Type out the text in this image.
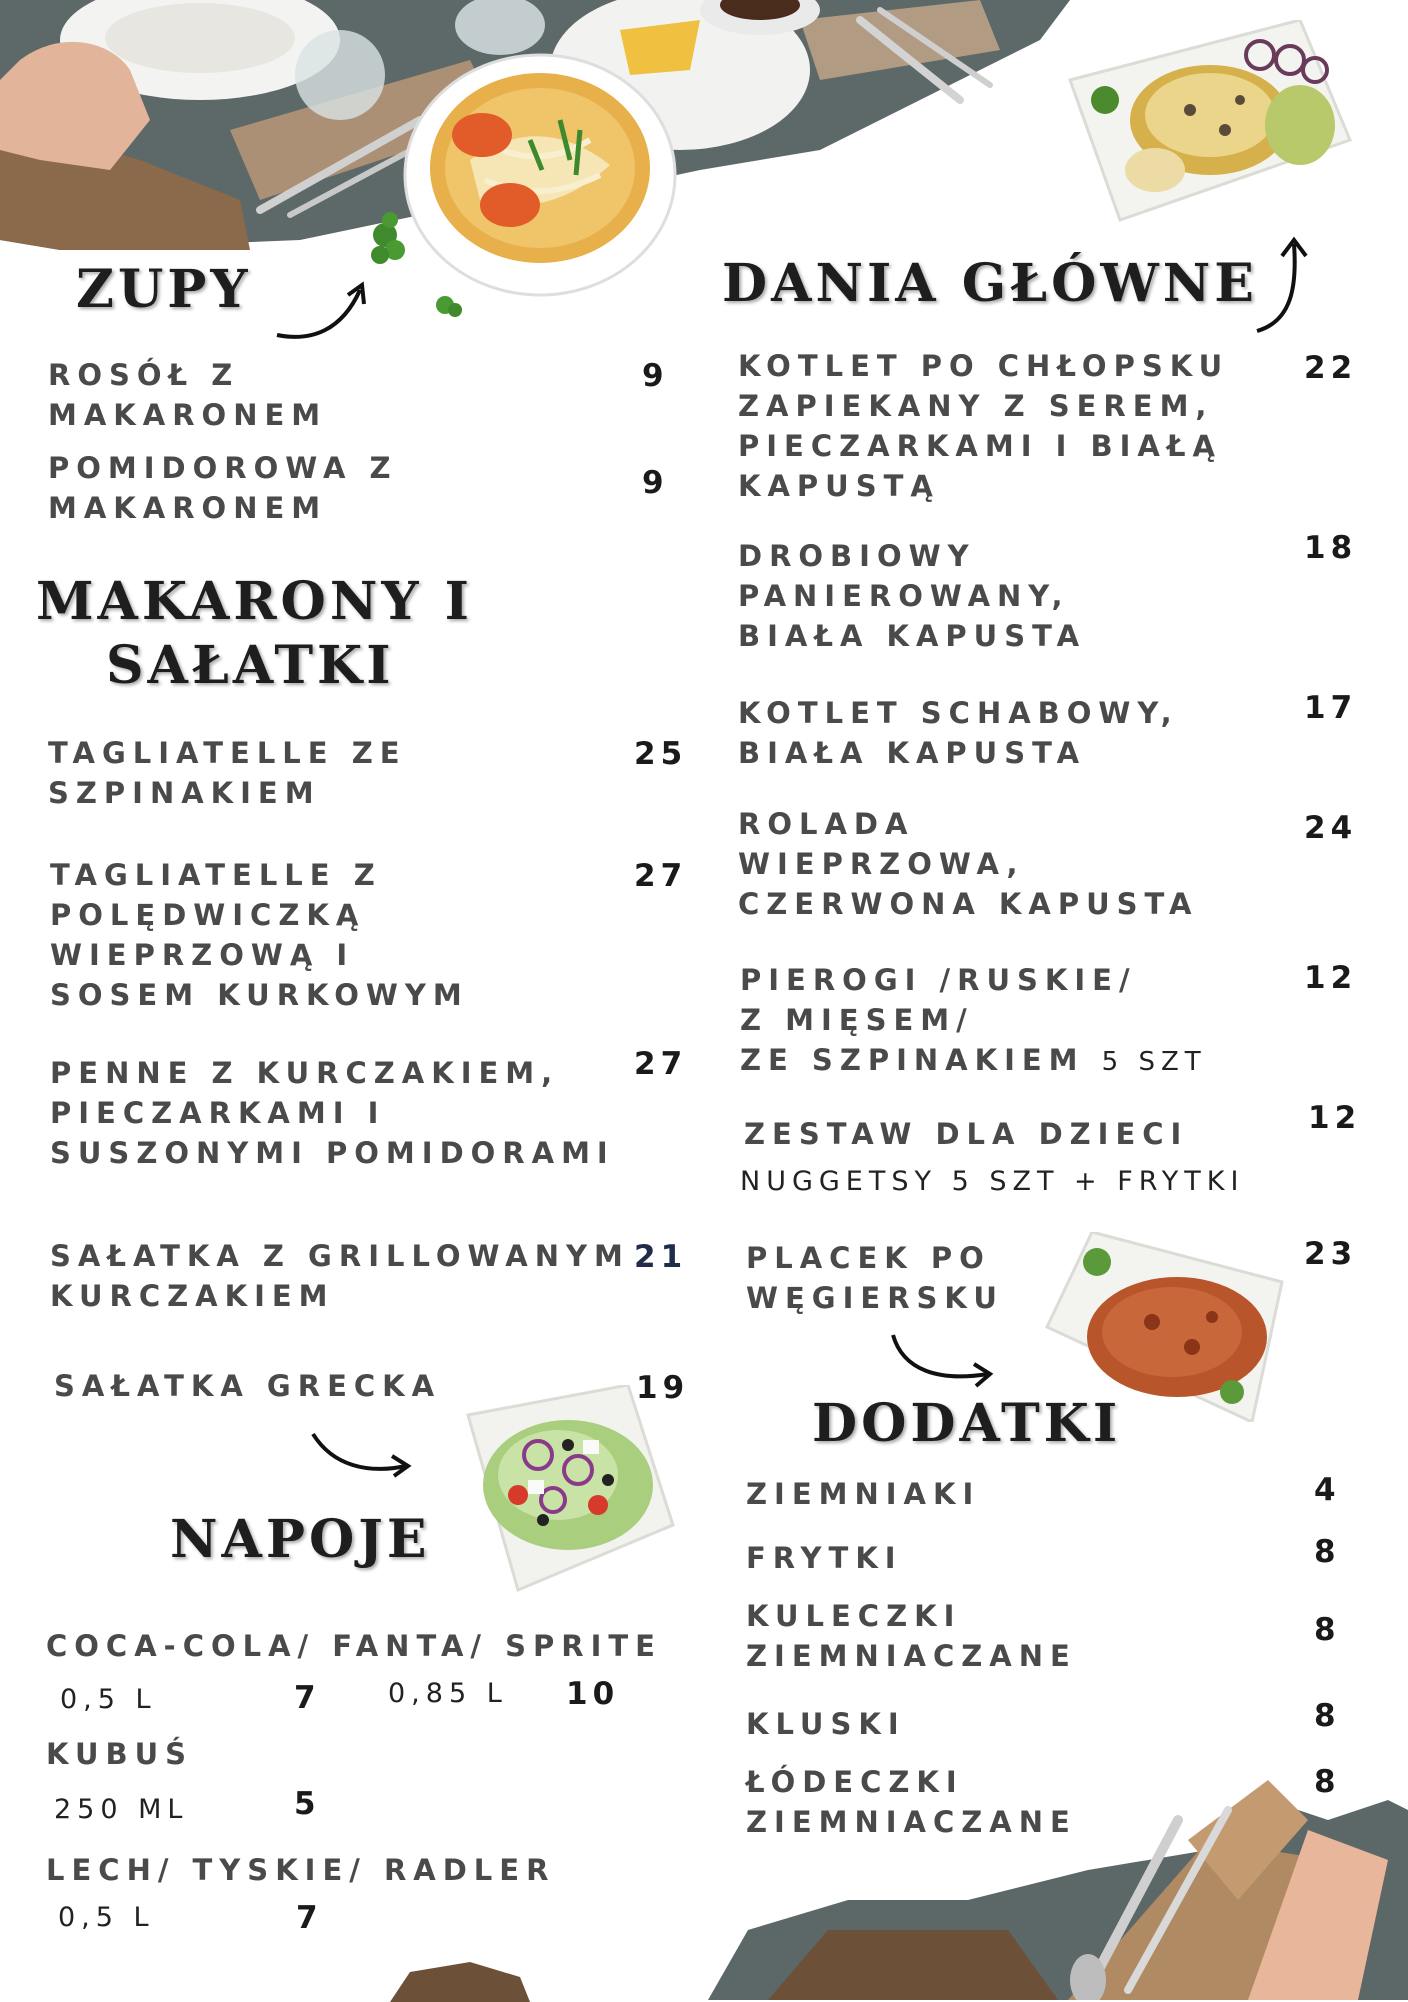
ZUPY
ROSÓŁ Z
MAKARONEM
9
POMIDOROWA Z
MAKARONEM
9
MAKARONY I
SAŁATKI
TAGLIATELLE ZE
SZPINAKIEM
25
TAGLIATELLE Z
POLĘDWICZKĄ
WIEPRZOWĄ I
SOSEM KURKOWYM
27
PENNE Z KURCZAKIEM,
PIECZARKAMI I
SUSZONYMI POMIDORAMI
27
SAŁATKA Z GRILLOWANYM
KURCZAKIEM
21
SAŁATKA GRECKA	19
NAPOJE
COCA-COLA/ FANTA/ SPRITE
0,5 L	7 0,85 L 10
KUBUŚ
250 ML	5
LECH/ TYSKIE/ RADLER
0,5 L	7
DANIA GŁÓWNE
KOTLET PO CHŁOPSKU
ZAPIEKANY Z SEREM,
PIECZARKAMI I BIAŁĄ
KAPUSTĄ
22
DROBIOWY
PANIEROWANY,
BIAŁA KAPUSTA
18
KOTLET SCHABOWY,
BIAŁA KAPUSTA
17
ROLADA
WIEPRZOWA,
CZERWONA KAPUSTA
24
PIEROGI /RUSKIE/
Z MIĘSEM/
ZE SZPINAKIEM 5 SZT
12
ZESTAW DLA DZIECI
NUGGETSY 5 SZT + FRYTKI
12
PLACEK PO
WĘGIERSKU
23
DODATKI
ZIEMNIAKI	4
FRYTKI	8
KULECZKI
ZIEMNIACZANE
8
KLUSKI	8
ŁÓDECZKI
ZIEMNIACZANE
8
